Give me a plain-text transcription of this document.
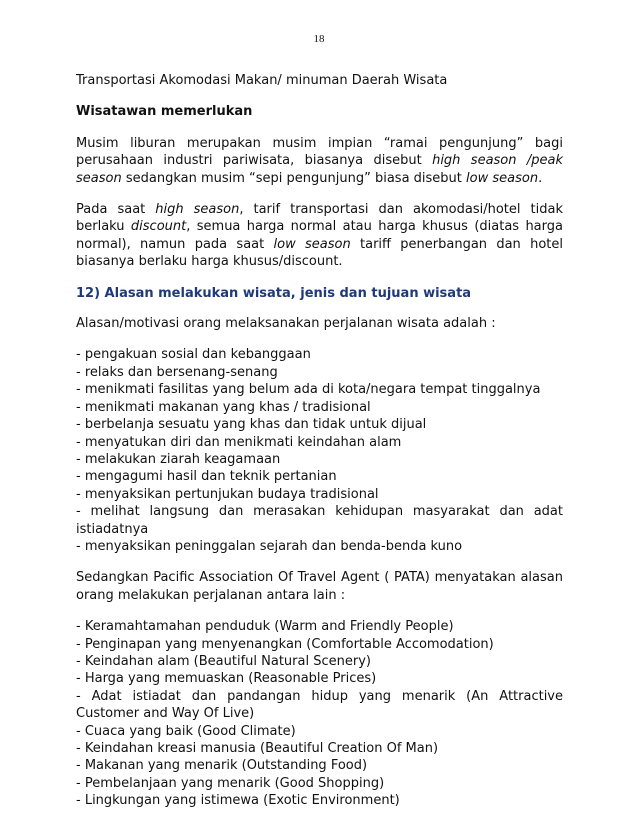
18

Transportasi Akomodasi Makan/ minuman Daerah Wisata

Wisatawan memerlukan

Musim liburan merupakan musim impian “ramai pengunjung” bagi perusahaan industri pariwisata, biasanya disebut high season /peak season sedangkan musim “sepi pengunjung” biasa disebut low season.

Pada saat high season, tarif transportasi dan akomodasi/hotel tidak berlaku discount, semua harga normal atau harga khusus (diatas harga normal), namun pada saat low season tariff penerbangan dan hotel biasanya berlaku harga khusus/discount.

12) Alasan melakukan wisata, jenis dan tujuan wisata

Alasan/motivasi orang melaksanakan perjalanan wisata adalah :

- pengakuan sosial dan kebanggaan
- relaks dan bersenang-senang
- menikmati fasilitas yang belum ada di kota/negara tempat tinggalnya
- menikmati makanan yang khas / tradisional
- berbelanja sesuatu yang khas dan tidak untuk dijual
- menyatukan diri dan menikmati keindahan alam
- melakukan ziarah keagamaan
- mengagumi hasil dan teknik pertanian
- menyaksikan pertunjukan budaya tradisional
- melihat langsung dan merasakan kehidupan masyarakat dan adat istiadatnya
- menyaksikan peninggalan sejarah dan benda-benda kuno

Sedangkan Pacific Association Of Travel Agent ( PATA) menyatakan alasan orang melakukan perjalanan antara lain :

- Keramahtamahan penduduk (Warm and Friendly People)
- Penginapan yang menyenangkan (Comfortable Accomodation)
- Keindahan alam (Beautiful Natural Scenery)
- Harga yang memuaskan (Reasonable Prices)
- Adat istiadat dan pandangan hidup yang menarik (An Attractive Customer and Way Of Live)
- Cuaca yang baik (Good Climate)
- Keindahan kreasi manusia (Beautiful Creation Of Man)
- Makanan yang menarik (Outstanding Food)
- Pembelanjaan yang menarik (Good Shopping)
- Lingkungan yang istimewa (Exotic Environment)
